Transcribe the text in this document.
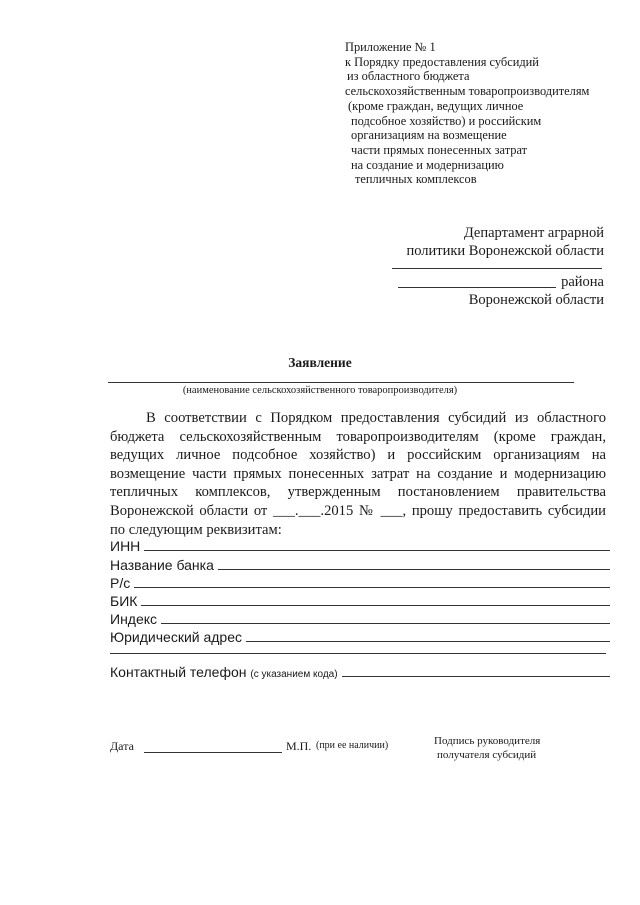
Приложение № 1
к Порядку предоставления субсидий
из областного бюджета
сельскохозяйственным товаропроизводителям
(кроме граждан, ведущих личное
подсобное хозяйство) и российским
организациям на возмещение
части прямых понесенных затрат
на создание и модернизацию
тепличных комплексов
Департамент аграрной
политики Воронежской области
района
Воронежской области
Заявление
(наименование сельскохозяйственного товаропроизводителя)
В соответствии с Порядком предоставления субсидий из областного бюджета сельскохозяйственным товаропроизводителям (кроме граждан, ведущих личное подсобное хозяйство) и российским организациям на возмещение части прямых понесенных затрат на создание и модернизацию тепличных комплексов, утвержденным постановлением правительства Воронежской области от ___.___.2015 № ___, прошу предоставить субсидии по следующим реквизитам:
ИНН
Название банка
Р/с
БИК
Индекс
Юридический адрес
Контактный телефон
(с указанием кода)
Дата	М.П. (при ее наличии)	Подпись руководителя
получателя субсидий
